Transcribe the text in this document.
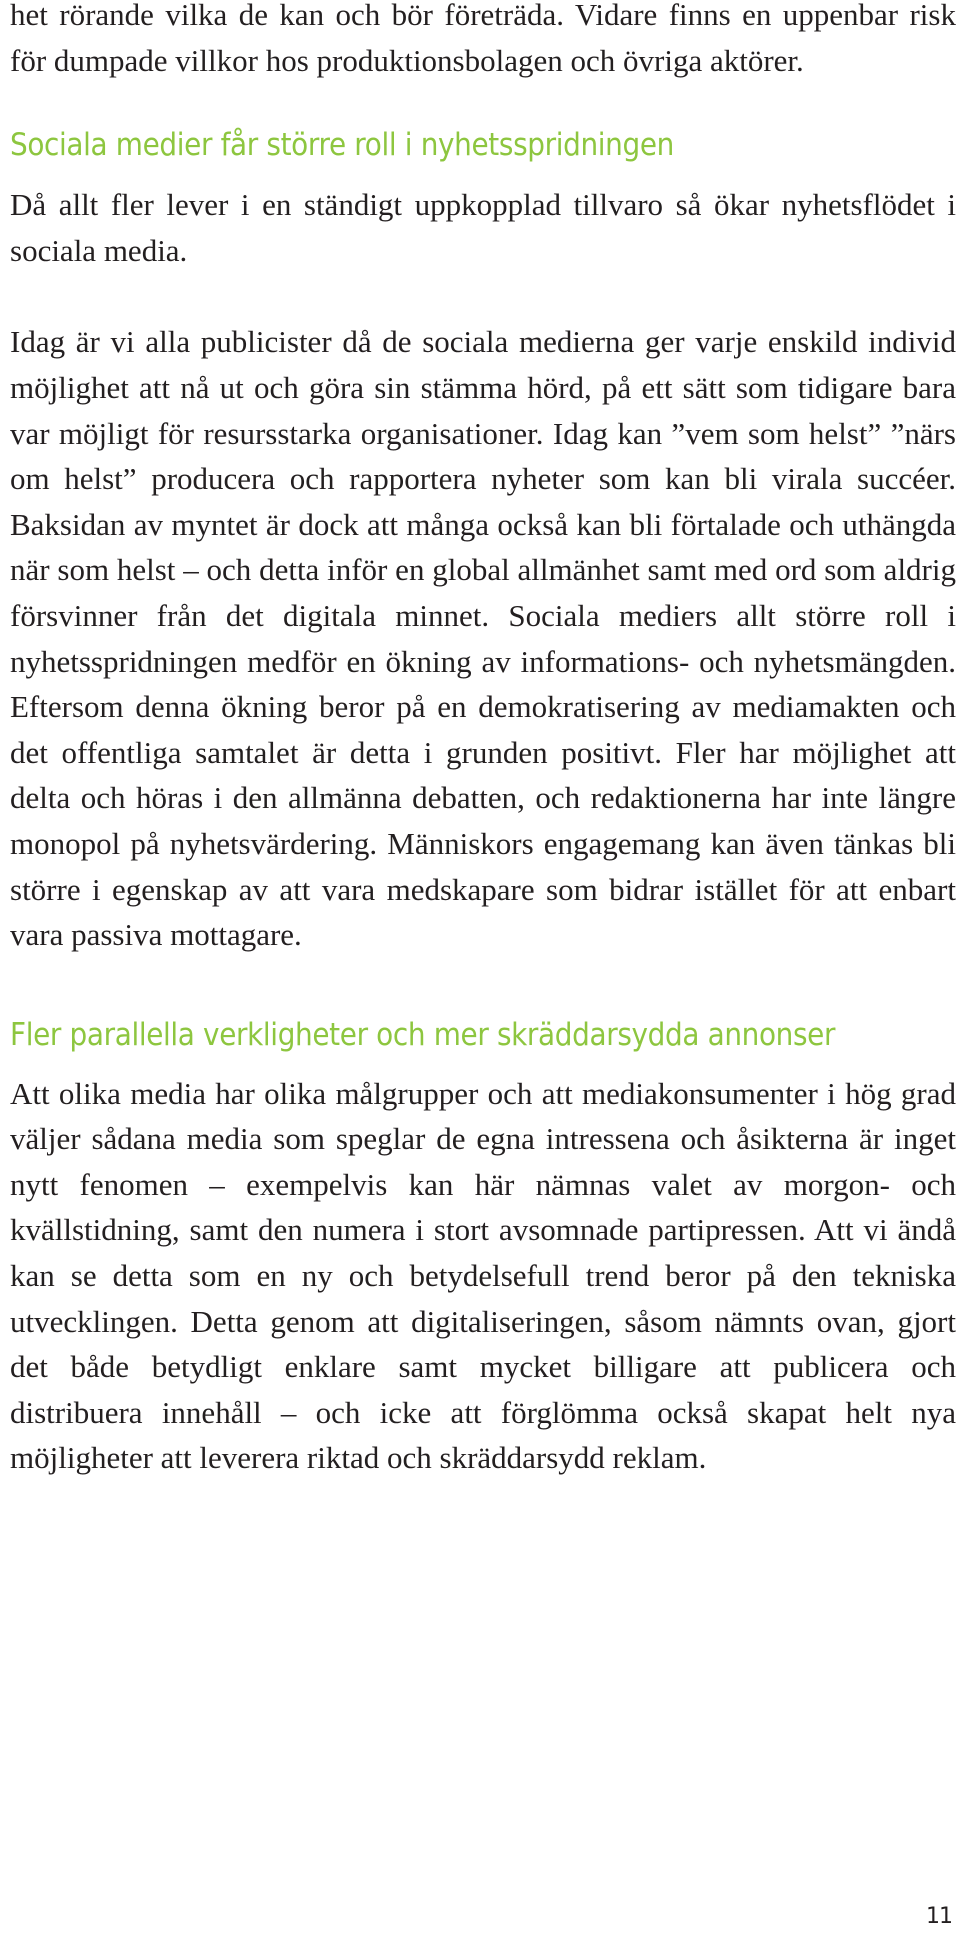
het rörande vilka de kan och bör företräda. Vidare finns en uppenbar risk för dumpade villkor hos produktionsbolagen och övriga aktörer.

Sociala medier får större roll i nyhetsspridningen

Då allt fler lever i en ständigt uppkopplad tillvaro så ökar nyhetsflödet i sociala media.

Idag är vi alla publicister då de sociala medierna ger varje enskild individ möjlighet att nå ut och göra sin stämma hörd, på ett sätt som tidigare bara var möjligt för resursstarka organisationer. Idag kan ”vem som helst” ”närs om helst” producera och rapportera nyheter som kan bli virala succéer. Baksidan av myntet är dock att många också kan bli förtalade och uthängda när som helst – och detta inför en global allmänhet samt med ord som aldrig försvinner från det digitala minnet. Sociala mediers allt större roll i nyhetsspridningen medför en ökning av informations- och nyhetsmängden. Eftersom denna ökning beror på en demokratisering av mediamakten och det offentliga samtalet är detta i grunden positivt. Fler har möjlighet att delta och höras i den allmänna debatten, och redaktionerna har inte längre monopol på nyhetsvärdering. Människors engagemang kan även tänkas bli större i egenskap av att vara medskapare som bidrar istället för att enbart vara passiva mottagare.

Fler parallella verkligheter och mer skräddarsydda annonser

Att olika media har olika målgrupper och att mediakonsumenter i hög grad väljer sådana media som speglar de egna intressena och åsikterna är inget nytt fenomen – exempelvis kan här nämnas valet av morgon- och kvällstidning, samt den numera i stort avsomnade partipressen. Att vi ändå kan se detta som en ny och betydelsefull trend beror på den tekniska utvecklingen. Detta genom att digitaliseringen, såsom nämnts ovan, gjort det både betydligt enklare samt mycket billigare att publicera och distribuera innehåll – och icke att förglömma också skapat helt nya möjligheter att leverera riktad och skräddarsydd reklam.

11
